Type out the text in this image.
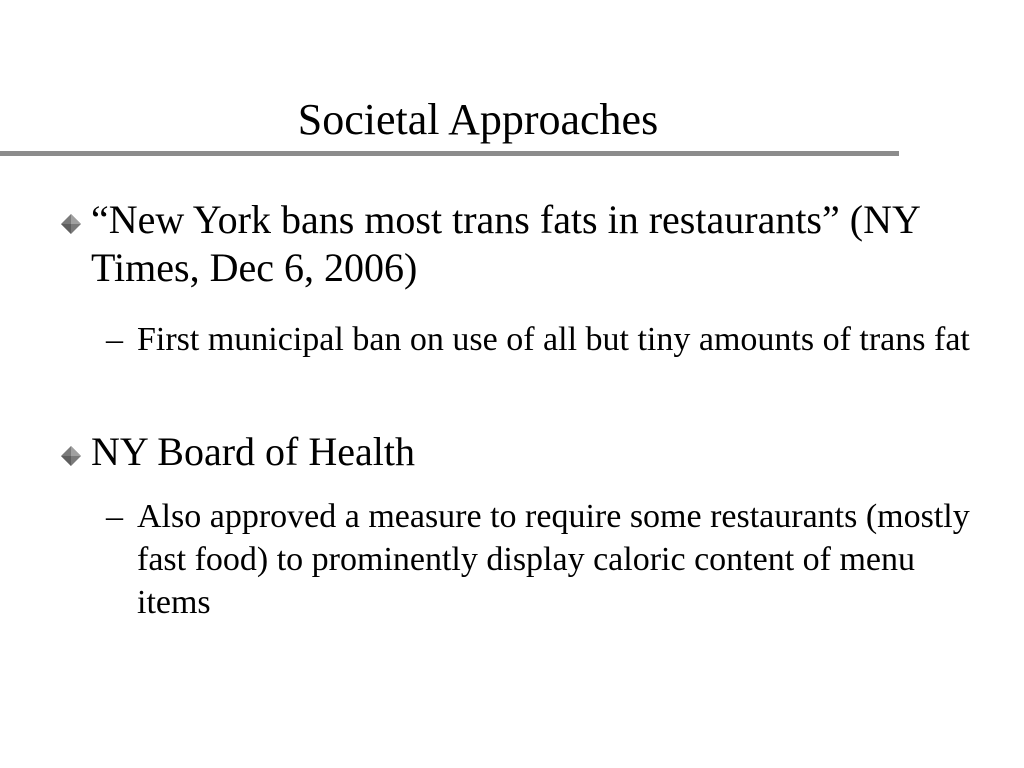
Societal Approaches
“New York bans most trans fats in restaurants” (NY Times, Dec 6, 2006)
– First municipal ban on use of all but tiny amounts of trans fat
NY Board of Health
– Also approved a measure to require some restaurants (mostly fast food) to prominently display caloric content of menu items
